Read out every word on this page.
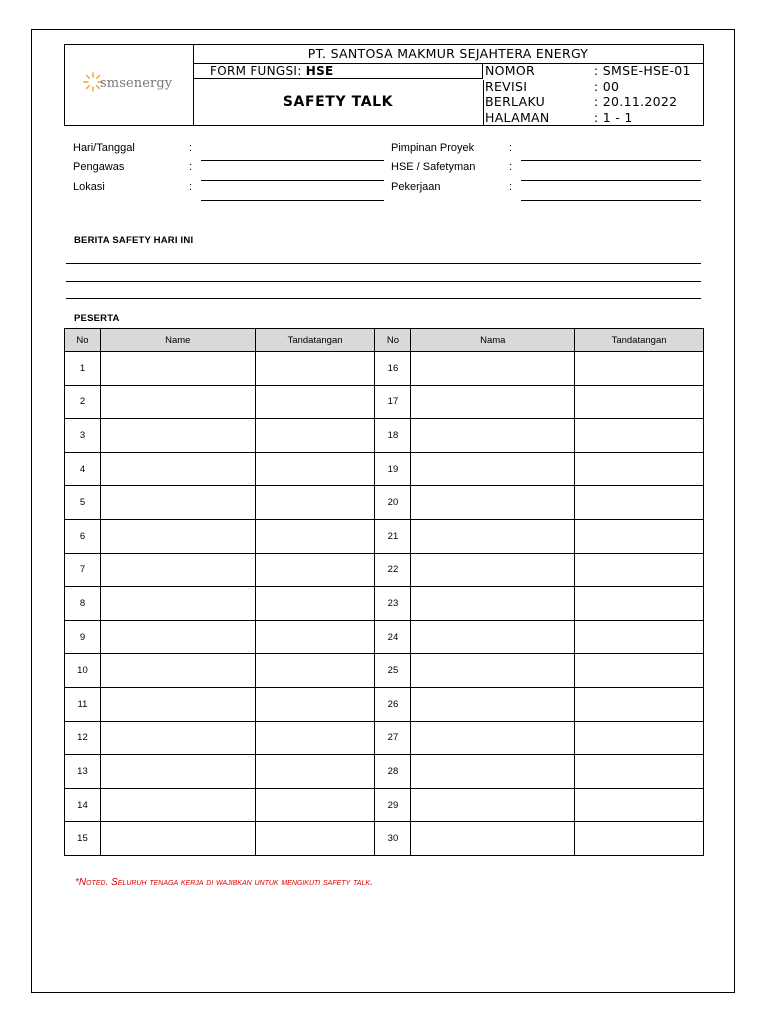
smsenergy
PT. SANTOSA MAKMUR SEJAHTERA ENERGY
FORM FUNGSI: HSE
SAFETY TALK
NOMOR	: SMSE-HSE-01
REVISI	: 00
BERLAKU	: 20.11.2022
HALAMAN	: 1 - 1
Hari/Tanggal	:
Pengawas	:
Lokasi	:
Pimpinan Proyek	:
HSE / Safetyman	:
Pekerjaan	:
BERITA SAFETY HARI INI
PESERTA
No	Name	Tandatangan	No	Nama	Tandatangan
1			16		
2			17		
3			18		
4			19		
5			20		
6			21		
7			22		
8			23		
9			24		
10			25		
11			26		
12			27		
13			28		
14			29		
15			30		
*Noted. Seluruh tenaga kerja di wajibkan untuk mengikuti safety talk.
